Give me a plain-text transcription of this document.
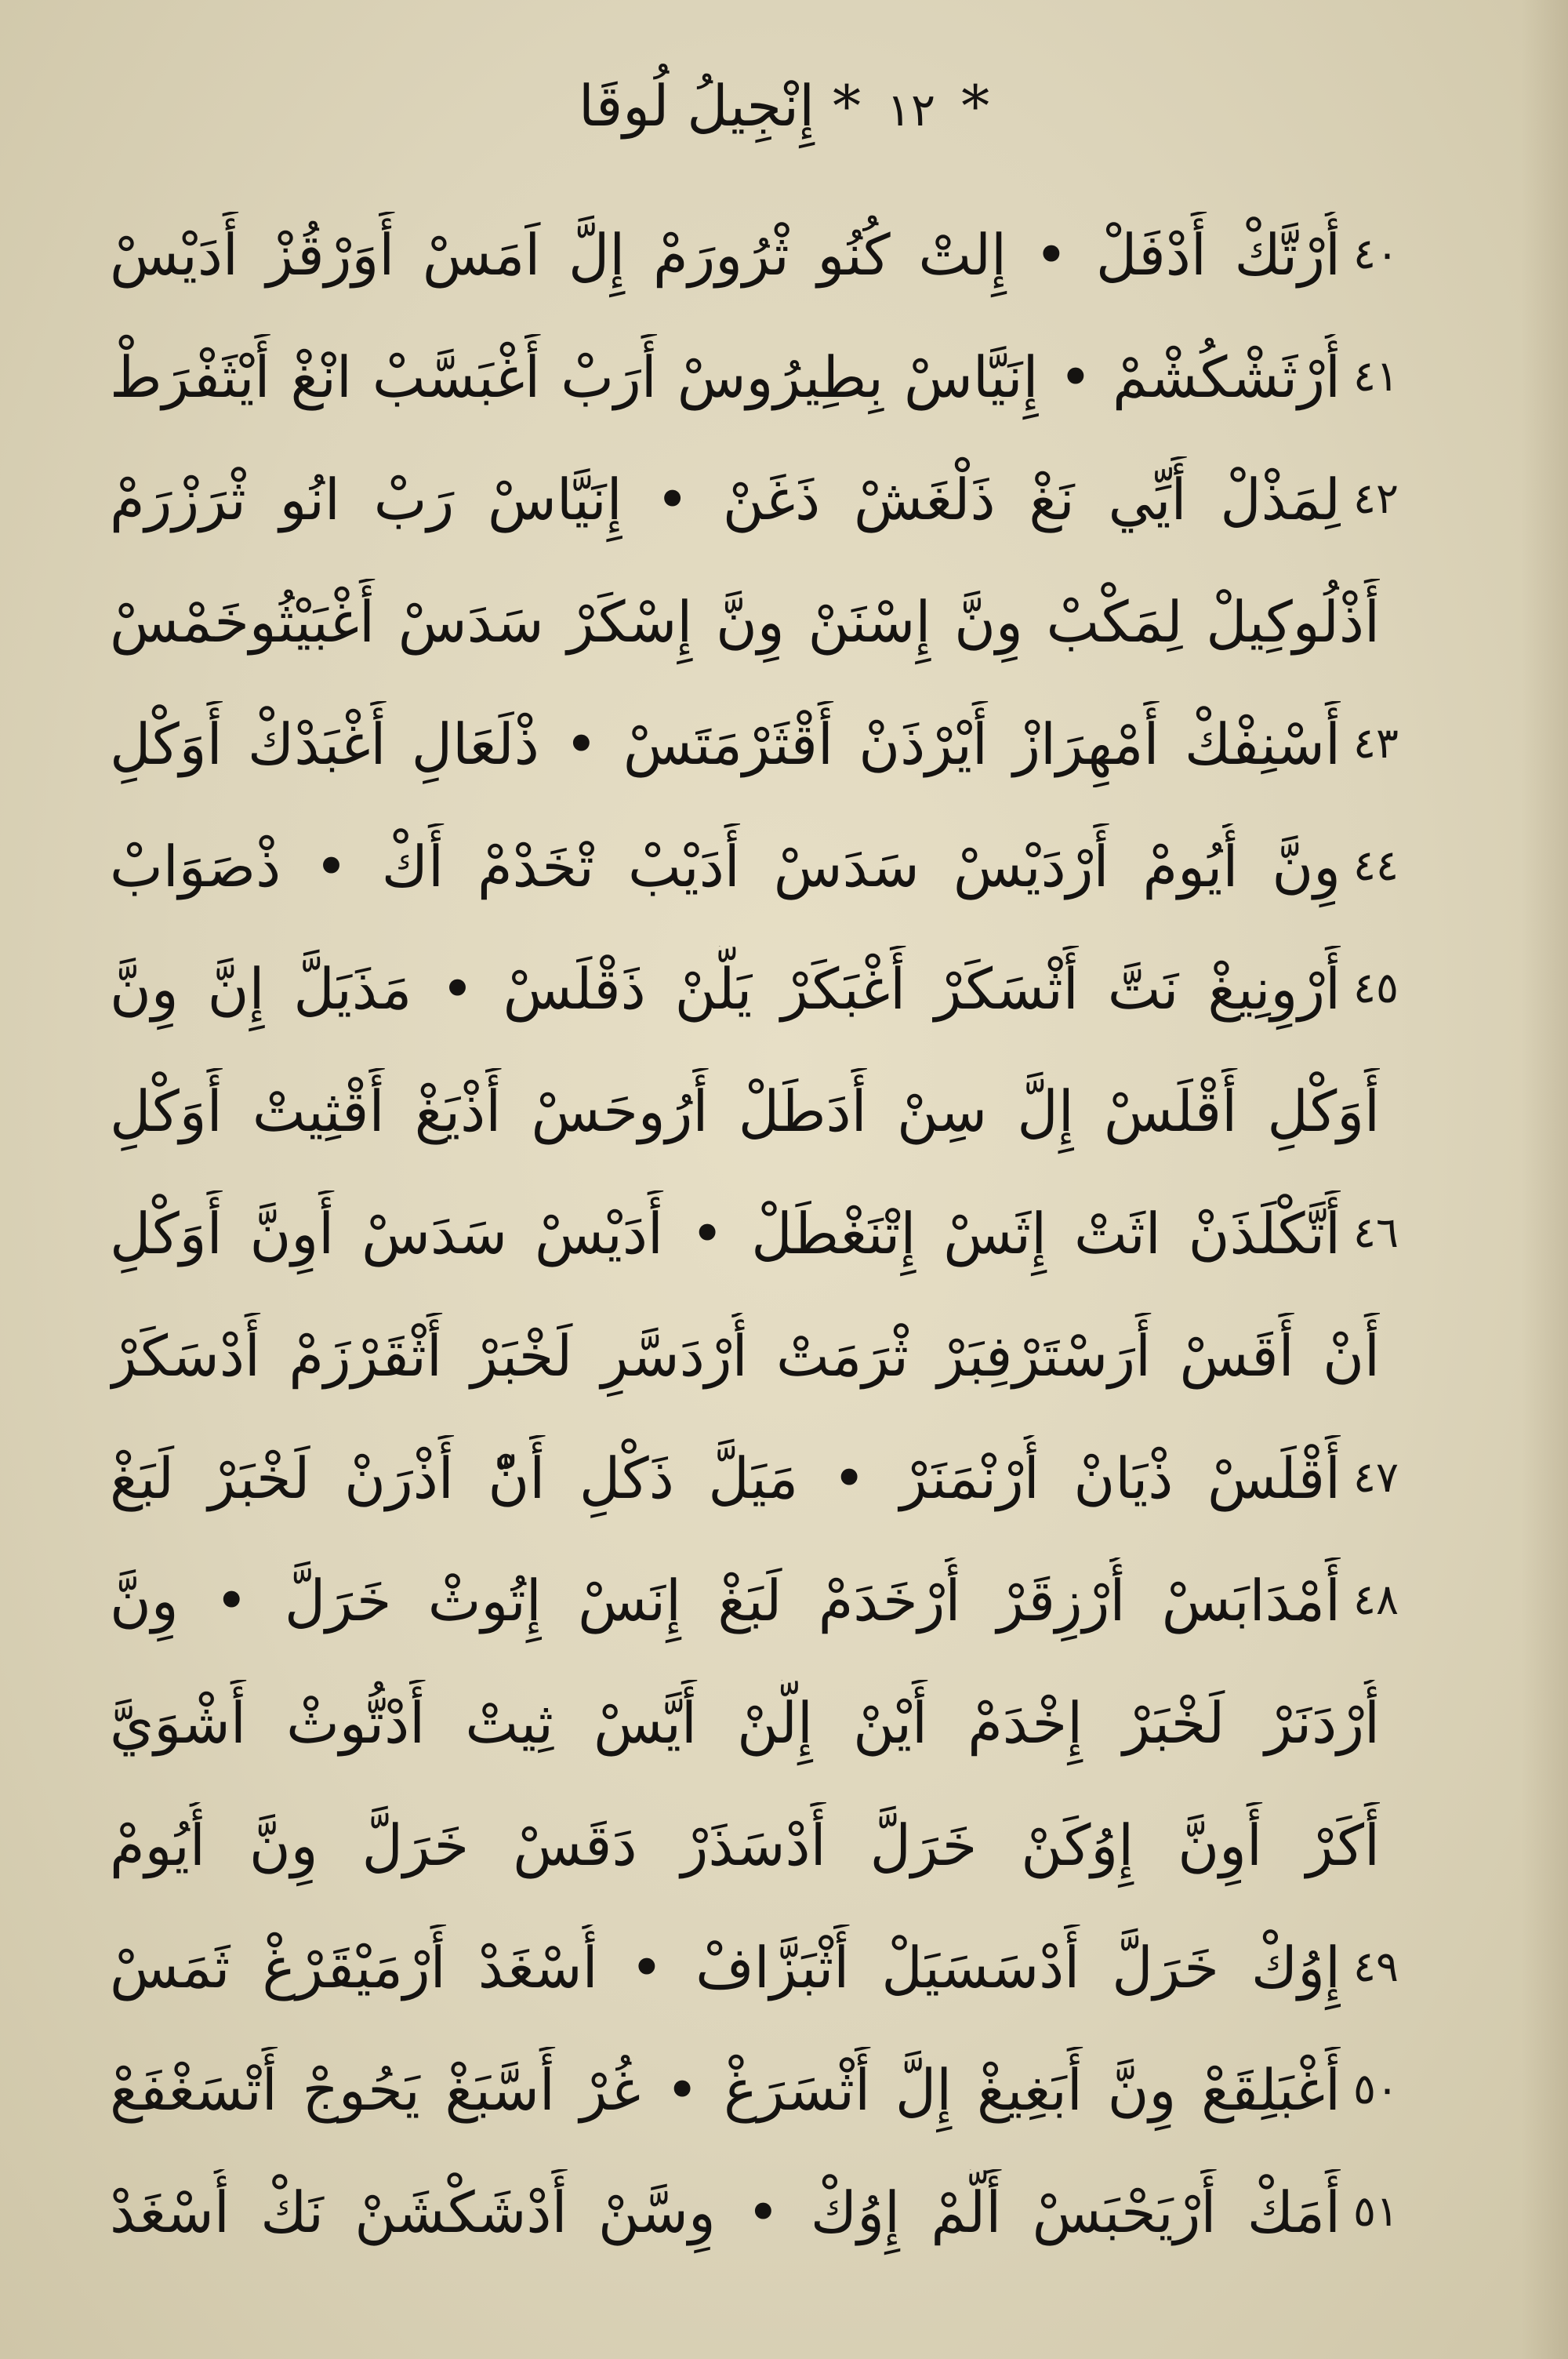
* ١٢ * إِنْجِيلُ لُوقَا
٤٠
أُرْتَّكْ أَدْفَلْ • إِلتْ كُنُو ثْرُورَمْ إِلَّ اَمَسْ أَوَرْقُزْ أَدَيْسْ
٤١
أُرْثَشْكُشْمْ • إِنَيَّاسْ بِطِيرُوسْ أَرَبْ أَغْبَسَّبْ انْغْ أَيْثَفْرَطْ
٤٢
لِمَذْلْ أَيِّي نَغْ ذَلْغَشْ ذَغَنْ • إِنَيَّاسْ رَبْ انُو ثْرَزْرَمْ
أَذْلُوكِيلْ لِمَكْبْ وِنَّ إِسْنَنْ وِنَّ إِسْكَرْ سَدَسْ أَغْبَيْثُوخَمْسْ
٤٣
أَسْنِفْكْ أَمْهِرَازْ أَيْرْذَنْ أَقْثَرْمَتَسْ • ذْلَعَالِ أَغْبَدْكْ أَوَكْلِ
٤٤
وِنَّ أُيُومْ أَرْدَيْسْ سَدَسْ أَدَيْبْ تْخَدْمْ أَكْ • ذْصَوَابْ
٤٥
أَرْوِنِيغْ نَتَّ أَثْسَكَرْ أَغْبَكَرْ يَلَّنْ ذَقْلَسْ • مَذَيَلَّ إِنَّ وِنَّ
أَوَكْلِ أَقْلَسْ إِلَّ سِنْ أَدَطَلْ أَرُوحَسْ أَذْيَغْ أَقْثِيتْ أَوَكْلِ
٤٦
أَتَّكْلَذَنْ اثَتْ إِثَسْ إِتْنَغْطَلْ • أَدَيْسْ سَدَسْ أَوِنَّ أَوَكْلِ
أَنْ أَقَسْ أَرَسْتَرْفِبَرْ ثْرَمَتْ أُرْدَسَّرِ لَخْبَرْ أَثْقَرْزَمْ أَدْسَكَرْ
٤٧
أَقْلَسْ ذْيَانْ أُرْنْمَنَرْ • مَيَلَّ ذَكْلِ أَنّْ أَذْرَنْ لَخْبَرْ لَبَغْ
٤٨
أَمْدَابَسْ أُرْزِقَرْ أُرْخَدَمْ لَبَغْ إِنَسْ إِتُوثْ خَرَلَّ • وِنَّ
أُرْدَنَرْ لَخْبَرْ إِخْدَمْ أَيْنْ إِلَّنْ أَيَّسْ ثِيتْ أَدْتُّوثْ أَشْوَيَّ
أَكَرْ أَوِنَّ إِوُكَنْ خَرَلَّ أَدْسَذَرْ دَقَسْ خَرَلَّ وِنَّ أُيُومْ
٤٩
إِوُكْ خَرَلَّ أَدْسَسَيَلْ أَثْبَزَّافْ • أُسْغَدْ أَرْمَيْقَرْغْ ثَمَسْ
٥٠
أَغْبَلِقَعْ وِنَّ أَبَغِيغْ إِلَّ أَثْسَرَغْ • غُرْ أَسَّبَغْ يَحُوجْ أَتْسَغْفَعْ
٥١
أَمَكْ أَرْيَحْبَسْ أَلَّمْ إِوُكْ • وِسَّنْ أَدْشَكْشَنْ نَكْ أُسْغَدْ
